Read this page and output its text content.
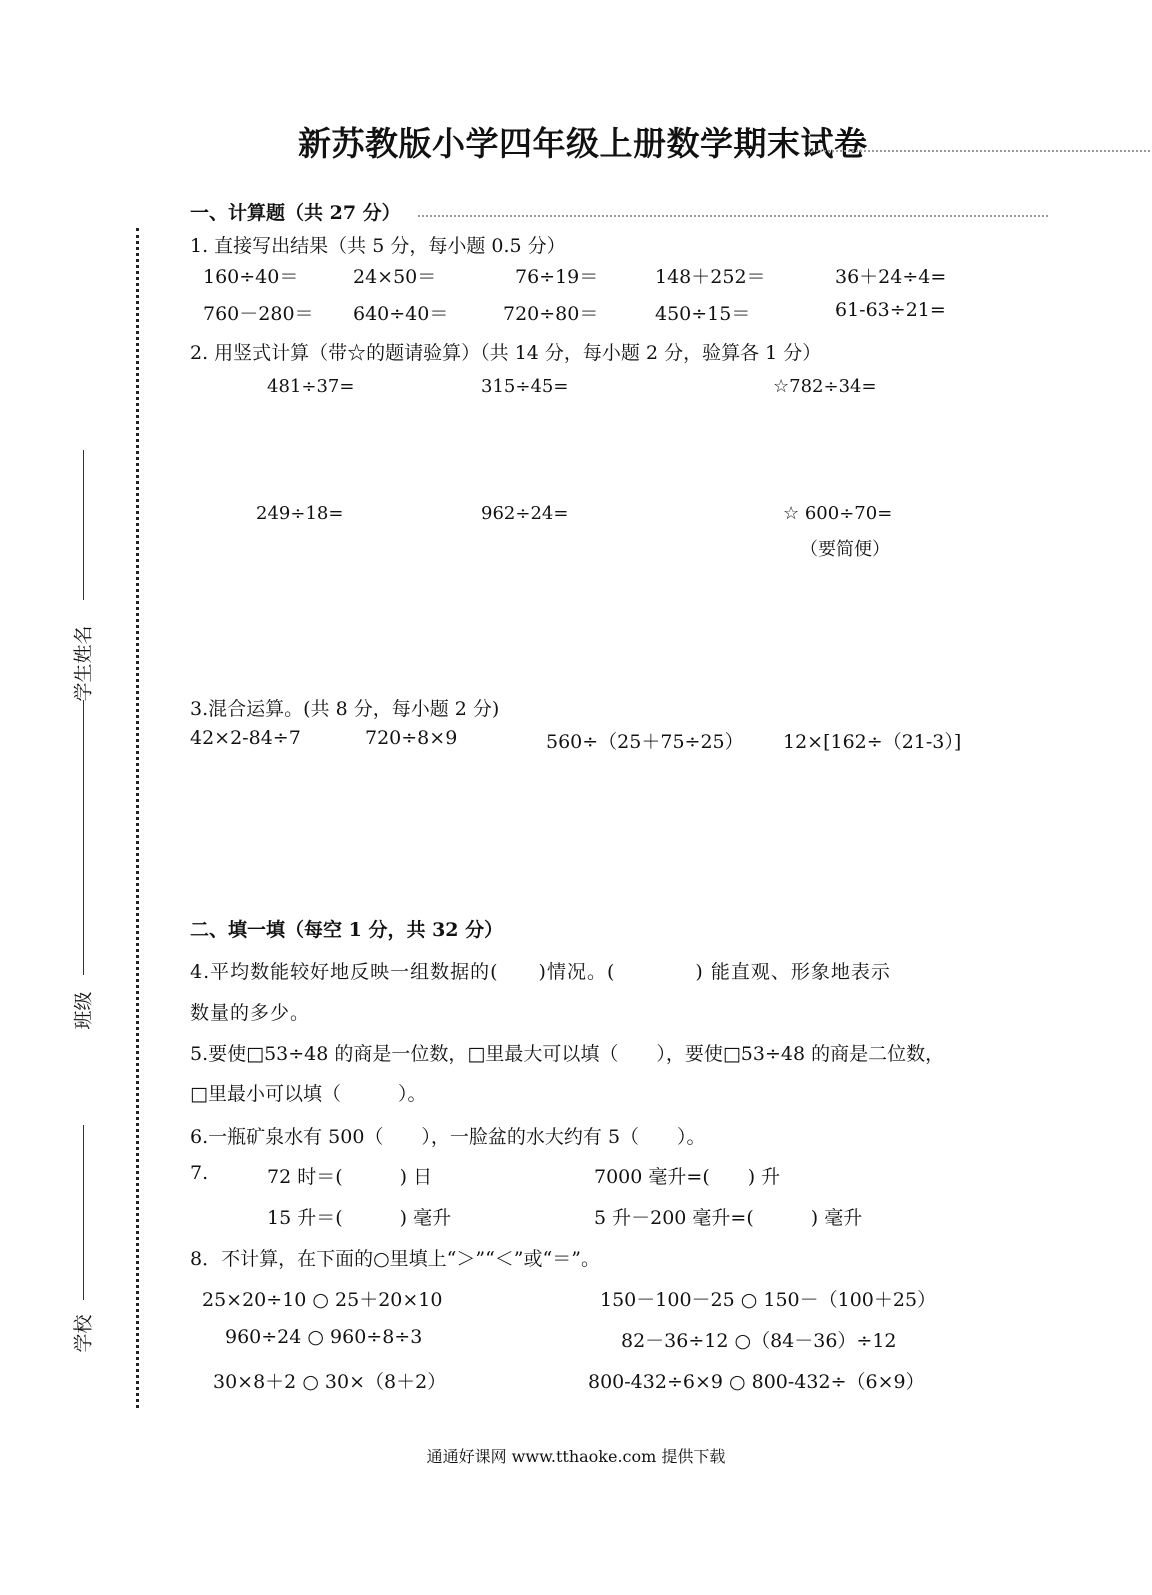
新苏教版小学四年级上册数学期末试卷
学生姓名
班级
学校
一、计算题（共 27 分）
1. 直接写出结果（共 5 分，每小题 0.5 分）
160÷40＝	24×50＝	76÷19＝	148＋252＝	36＋24÷4=
760－280＝ 640÷40＝	720÷80＝	450÷15＝	61-63÷21=
2. 用竖式计算（带☆的题请验算）（共 14 分，每小题 2 分，验算各 1 分）
481÷37=	315÷45=	☆782÷34=
249÷18=	962÷24=	☆ 600÷70=
（要简便）
3.混合运算。(共 8 分，每小题 2 分)
42×2-84÷7	720÷8×9	560÷（25＋75÷25） 12×[162÷（21-3）]
二、填一填（每空 1 分，共 32 分）
4.平均数能较好地反映一组数据的(　　)情况。(　　　　) 能直观、形象地表示
数量的多少。
5.要使□53÷48 的商是一位数，□里最大可以填（　　），要使□53÷48 的商是二位数，
□里最小可以填（　　　）。
6.一瓶矿泉水有 500（　　），一脸盆的水大约有 5（　　）。
7.	72 时＝(　　　) 日	7000 毫升=(　　) 升
15 升＝(　　　) 毫升	5 升－200 毫升=(　　　) 毫升
8．不计算，在下面的○里填上“＞”“＜”或“＝”。
25×20÷10 ○ 25＋20×10	150－100－25 ○ 150－（100＋25）
960÷24 ○ 960÷8÷3	82－36÷12 ○（84－36）÷12
30×8＋2 ○ 30×（8＋2）	800-432÷6×9 ○ 800-432÷（6×9）
通通好课网 www.tthaoke.com 提供下载
